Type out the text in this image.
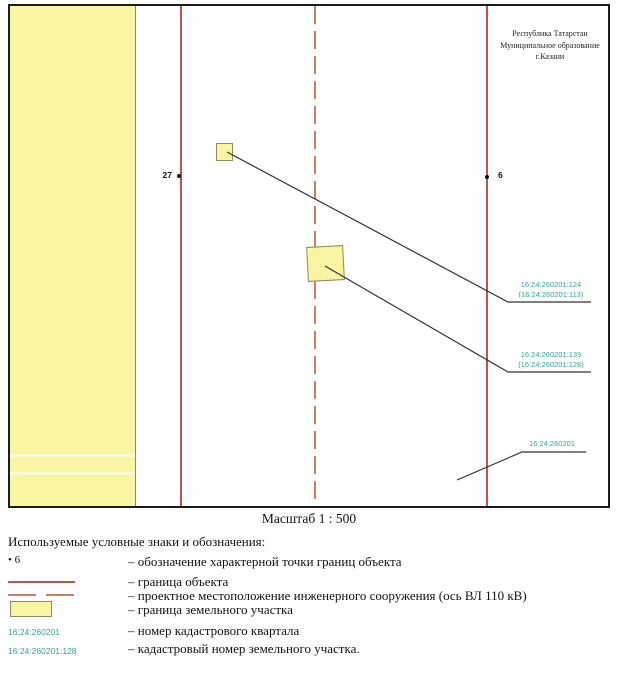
Республика Татарстан
Муниципальное образование
г.Казани
27	6
16:24:260201:124
(16:24:260201:113)
16:24:260201:139
(16:24:260201:128)
16:24:260201
Масштаб 1 : 500
Используемые условные знаки и обозначения:
• 6	– обозначение характерной точки границ объекта
– граница объекта
– проектное местоположение инженерного сооружения (ось ВЛ 110 кВ)
– граница земельного участка
16:24:260201	– номер кадастрового квартала
16:24:260201:128	– кадастровый номер земельного участка.
